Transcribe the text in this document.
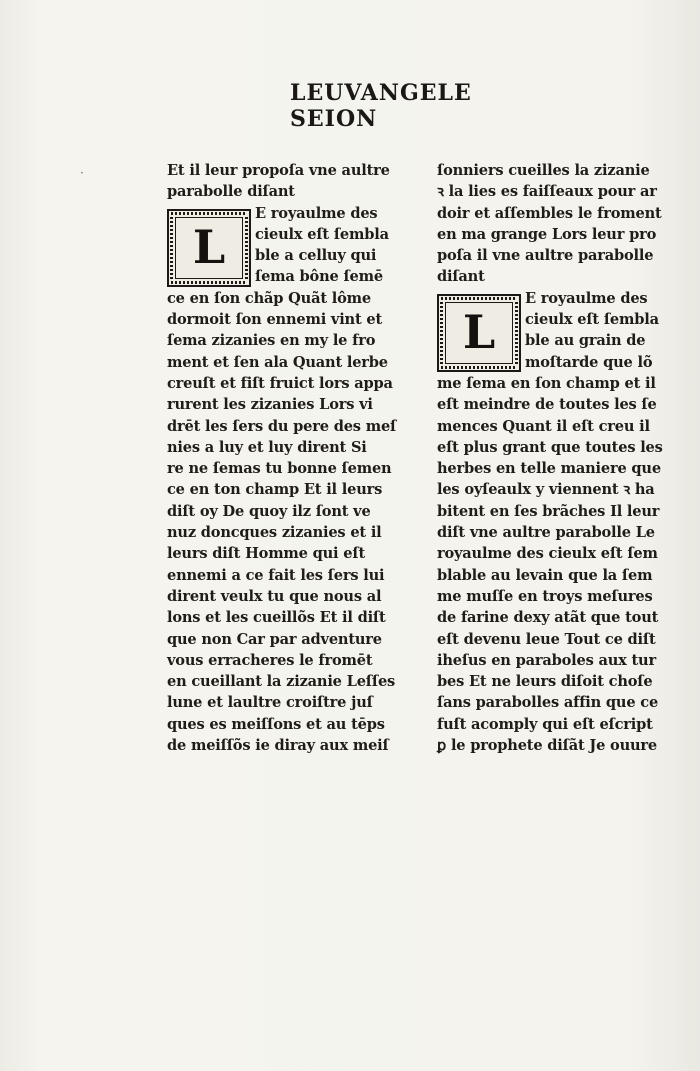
LEUVANGELE SEION
Et il leur propoſa vne aultre
parabolle diſant
L
E royaulme des
cieulx eſt ſembla
ble a celluy qui
ſema bône ſemē
ce en ſon chãp Quãt lôme
dormoit ſon ennemi vint et
ſema zizanies en my le fro
ment et ſen ala Quant lerbe
creuſt et fiſt fruict lors appa
rurent les zizanies Lors vi
drēt les ſers du pere des meſ
nies a luy et luy dirent Si
re ne ſemas tu bonne ſemen
ce en ton champ Et il leurs
diſt oy De quoy ilz ſont ve
nuz doncques zizanies et il
leurs diſt Homme qui eſt
ennemi a ce fait les ſers lui
dirent veulx tu que nous al
lons et les cueillõs Et il diſt
que non Car par adventure
vous erracheres le fromēt
en cueillant la zizanie Leſſes
lune et laultre croiſtre juſ
ques es meiſſons et au tēps
de meiſſõs ie diray aux meiſ
ſonniers cueilles la zizanie
ꝛ la lies es faiſſeaux pour ar
doir et aſſembles le froment
en ma grange Lors leur pro
poſa il vne aultre parabolle
diſant
L
E royaulme des
cieulx eſt ſembla
ble au grain de
moſtarde que lõ
me ſema en ſon champ et il
eſt meindre de toutes les ſe
mences Quant il eſt creu il
eſt plus grant que toutes les
herbes en telle maniere que
les oyſeaulx y viennent ꝛ ha
bitent en ſes brãches Il leur
diſt vne aultre parabolle Le
royaulme des cieulx eſt ſem
blable au levain que la ſem
me muſſe en troys meſures
de farine dexy atãt que tout
eſt devenu leue Tout ce diſt
iheſus en paraboles aux tur
bes Et ne leurs diſoit choſe
ſans parabolles affin que ce
fuſt acomply qui eſt eſcript
ꝑ le prophete diſãt Je ouure
·
